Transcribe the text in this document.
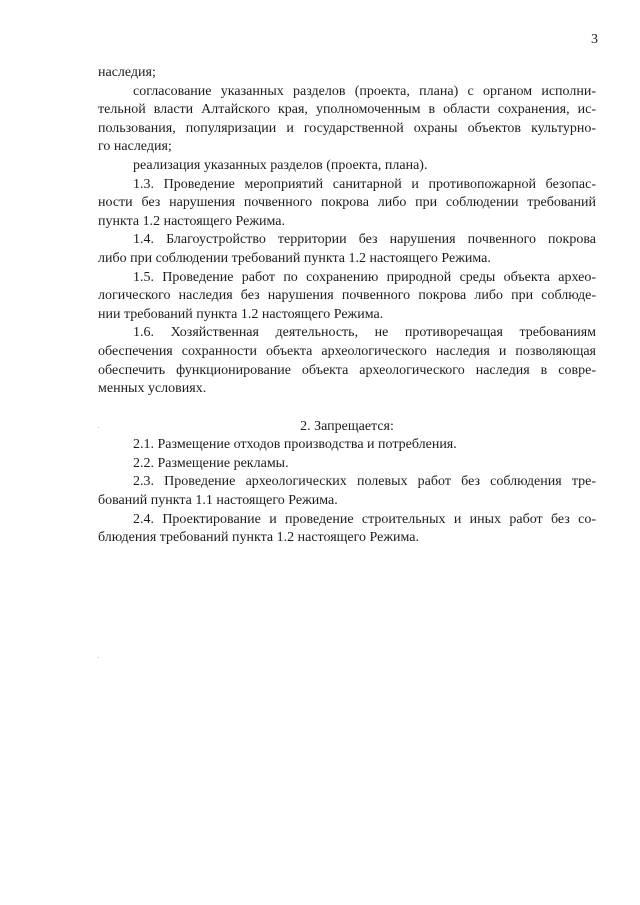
3
наследия;
согласование указанных разделов (проекта, плана) с органом исполни-
тельной власти Алтайского края, уполномоченным в области сохранения, ис-
пользования, популяризации и государственной охраны объектов культурно-
го наследия;
реализация указанных разделов (проекта, плана).
1.3. Проведение мероприятий санитарной и противопожарной безопас-
ности без нарушения почвенного покрова либо при соблюдении требований
пункта 1.2 настоящего Режима.
1.4. Благоустройство территории без нарушения почвенного покрова
либо при соблюдении требований пункта 1.2 настоящего Режима.
1.5. Проведение работ по сохранению природной среды объекта архео-
логического наследия без нарушения почвенного покрова либо при соблюде-
нии требований пункта 1.2 настоящего Режима.
1.6. Хозяйственная деятельность, не противоречащая требованиям
обеспечения сохранности объекта археологического наследия и позволяющая
обеспечить функционирование объекта археологического наследия в совре-
менных условиях.
2. Запрещается:
2.1. Размещение отходов производства и потребления.
2.2. Размещение рекламы.
2.3. Проведение археологических полевых работ без соблюдения тре-
бований пункта 1.1 настоящего Режима.
2.4. Проектирование и проведение строительных и иных работ без со-
блюдения требований пункта 1.2 настоящего Режима.
